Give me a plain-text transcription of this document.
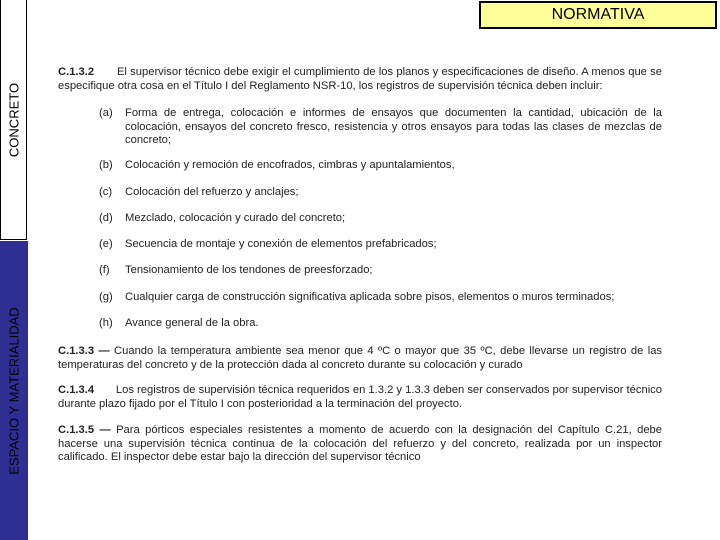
CONCRETO
ESPACIO Y MATERIALIDAD
NORMATIVA
C.1.3.2 El supervisor técnico debe exigir el cumplimiento de los planos y especificaciones de diseño. A menos que se especifique otra cosa en el Título I del Reglamento NSR-10, los registros de supervisión técnica deben incluir:
(a) Forma de entrega, colocación e informes de ensayos que documenten la cantidad, ubicación de la colocación, ensayos del concreto fresco, resistencia y otros ensayos para todas las clases de mezclas de concreto;
(b) Colocación y remoción de encofrados, cimbras y apuntalamientos,
(c) Colocación del refuerzo y anclajes;
(d) Mezclado, colocación y curado del concreto;
(e) Secuencia de montaje y conexión de elementos prefabricados;
(f) Tensionamiento de los tendones de preesforzado;
(g) Cualquier carga de construcción significativa aplicada sobre pisos, elementos o muros terminados;
(h) Avance general de la obra.
C.1.3.3 — Cuando la temperatura ambiente sea menor que 4 ºC o mayor que 35 ºC, debe llevarse un registro de las temperaturas del concreto y de la protección dada al concreto durante su colocación y curado
C.1.3.4 Los registros de supervisión técnica requeridos en 1.3.2 y 1.3.3 deben ser conservados por supervisor técnico durante plazo fijado por el Título I con posterioridad a la terminación del proyecto.
C.1.3.5 — Para pórticos especiales resistentes a momento de acuerdo con la designación del Capítulo C.21, debe hacerse una supervisión técnica continua de la colocación del refuerzo y del concreto, realizada por un inspector calificado. El inspector debe estar bajo la dirección del supervisor técnico
